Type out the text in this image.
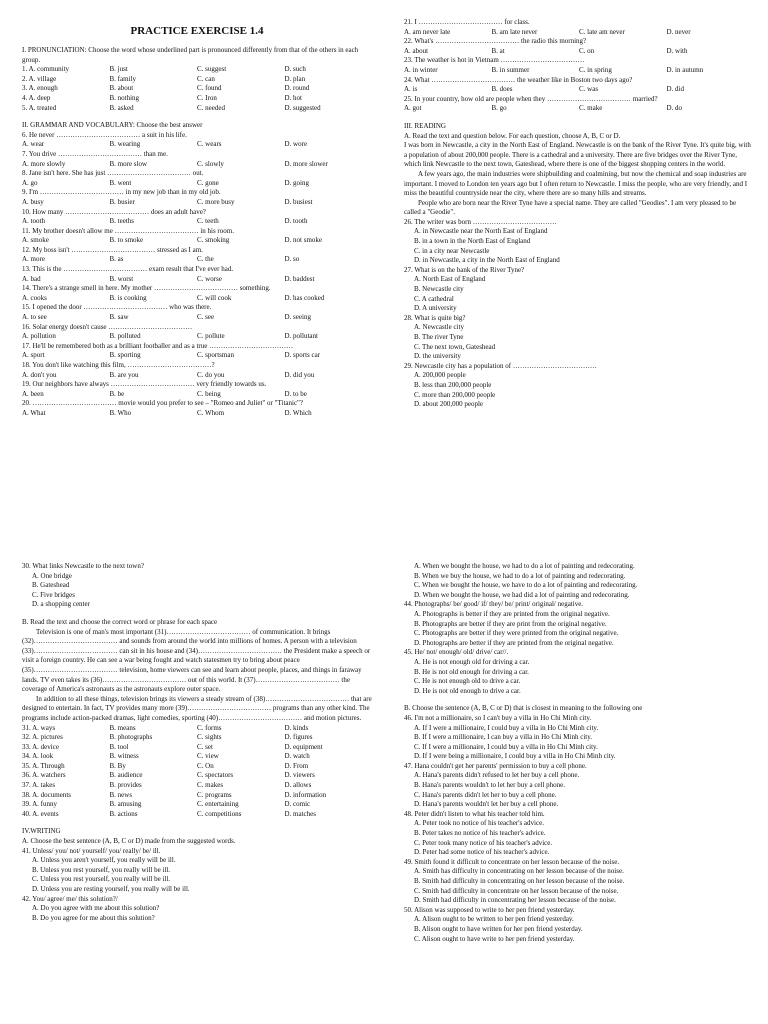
PRACTICE EXERCISE 1.4
I. PRONUNCIATION: Choose the word whose underlined part is pronounced differently from that of the others in each group.
1. A. community	B. just	C. suggest	D. such
2. A. village	B. family	C. can	D. plan
3. A. enough	B. about	C. found	D. round
4. A. deep	B. nothing	C. Iron	D. hot
5. A. treated	B. asked	C. needed	D. suggested
II. GRAMMAR AND VOCABULARY: Choose the best answer
6. He never ……………………………… a suit in his life.
A. wear	B. wearing	C. wears	D. wore
7. You drive ……………………………… than me.
A. more slowly	B. more slow	C. slowly	D. more slower
8. Jane isn't here. She has just ……………………………… out.
A. go	B. went	C. gone	D. going
9. I'm ……………………………… in my new job than in my old job.
A. busy	B. busier	C. more busy	D. busiest
10. How many ……………………………… does an adult have?
A. tooth	B. teeths	C. teeth	D. tooth
11. My brother doesn't allow me ……………………………… in his room.
A. smoke	B. to smoke	C. smoking	D. not smoke
12. My boss isn't ……………………………… stressed as I am.
A. more	B. as	C. the	D. so
13. This is the ……………………………… exam result that I've ever had.
A. bad	B. worst	C. worse	D. baddest
14. There's a strange smell in here. My mother ……………………………… something.
A. cooks	B. is cooking	C. will cook	D. has cooked
15. I opened the door ……………………………… who was there.
A. to see	B. saw	C. see	D. seeing
16. Solar energy doesn't cause ………………………………
A. pollution	B. polluted	C. pollute	D. pollutant
17. He'll be remembered both as a brilliant footballer and as a true ………………………………
A. sport	B. sporting	C. sportsman	D. sports car
18. You don't like watching this film, ………………………………?
A. don't you	B. are you	C. do you	D. did you
19. Our neighbors have always ……………………………… very friendly towards us.
A. been	B. be	C. being	D. to be
20. ……………………………… movie would you prefer to see – "Romeo and Juliet" or "Titanic"?
A. What	B. Who	C. Whom	D. Which
21. I ……………………………… for class.
A. am never late	B. am late never	C. late am never	D. never
22. What's ……………………………… the radio this morning?
A. about	B. at	C. on	D. with
23. The weather is hot in Vietnam ………………………………
A. in winter	B. in summer	C. in spring	D. in autumn
24. What ……………………………… the weather like in Boston two days ago?
A. is	B. does	C. was	D. did
25. In your country, how old are people when they ……………………………… married?
A. got	B. go	C. make	D. do
III. READING
A. Read the text and question below. For each question, choose A, B, C or D.
I was born in Newcastle, a city in the North East of England. Newcastle is on the bank of the River Tyne. It's quite big, with a population of about 200,000 people. There is a cathedral and a university. There are five bridges over the River Tyne, which link Newcastle to the next town, Gateshead, where there is one of the biggest shopping centers in the world.
A few years ago, the main industries were shipbuilding and coalmining, but now the chemical and soap industries are important. I moved to London ten years ago but I often return to Newcastle. I miss the people, who are very friendly, and I miss the beautiful countryside near the city, where there are so many hills and streams.
People who are born near the River Tyne have a special name. They are called "Geodies". I am very pleased to be called a "Geodie".
26. The writer was born ………………………………
A. in Newcastle near the North East of England
B. in a town in the North East of England
C. in a city near Newcastle
D. in Newcastle, a city in the North East of England
27. What is on the bank of the River Tyne?
A. North East of England
B. Newcastle city
C. A cathedral
D. A university
28. What is quite big?
A. Newcastle city
B. The river Tyne
C. The next town, Gateshead
D. the university
29. Newcastle city has a population of ………………………………
A. 200,000 people
B. less than 200,000 people
C. more than 200,000 people
D. about 200,000 people
30. What links Newcastle to the next town?
A. One bridge
B. Gateshead
C. Five bridges
D. a shopping center
B. Read the text and choose the correct word or phrase for each space
Television is one of man's most important (31)……………………………… of communication. It brings (32)……………………………… and sounds from around the world into millions of homes. A person with a television (33)……………………………… can sit in his house and (34)……………………………… the President make a speech or visit a foreign country. He can see a war being fought and watch statesmen try to bring about peace (35)……………………………… television, home viewers can see and learn about people, places, and things in faraway lands. TV even takes its (36)……………………………… out of this world. It (37)……………………………… the coverage of America's astronauts as the astronauts explore outer space.
In addition to all these things, television brings its viewers a steady stream of (38)……………………………… that are designed to entertain. In fact, TV provides many more (39)……………………………… programs than any other kind. The programs include action-packed dramas, light comedies, sporting (40)……………………………… and motion pictures.
31. A. ways	B. means	C. forms	D. kinds
32. A. pictures	B. photographs	C. sights	D. figures
33. A. device	B. tool	C. set	D. equipment
34. A. look	B. witness	C. view	D. watch
35. A. Through	B. By	C. On	D. From
36. A. watchers	B. audience	C. spectators	D. viewers
37. A. takes	B. provides	C. makes	D. allows
38. A. documents	B. news	C. programs	D. information
39. A. funny	B. amusing	C. entertaining	D. comic
40. A. events	B. actions	C. competitions	D. matches
IV.WRITING
A. Choose the best sentence (A, B, C or D) made from the suggested words.
41. Unless/ you/ not/ yourself/ you/ really/ be/ ill.
A. Unless you aren't yourself, you really will be ill.
B. Unless you rest yourself, you really will be ill.
C. Unless you rest yourself, you really will be ill.
D. Unless you are resting yourself, you really will be ill.
42. You/ agree/ me/ this solution?/
A. Do you agree with me about this solution?
B. Do you agree for me about this solution?
A. When we bought the house, we had to do a lot of painting and redecorating.
B. When we buy the house, we had to do a lot of painting and redecorating.
C. When we bought the house, we have to do a lot of painting and redecorating.
D. When we bought the house, we had did a lot of painting and redecorating.
44. Photographs/ be/ good/ if/ they/ be/ print/ original/ negative.
A. Photographs is better if they are printed from the original negative.
B. Photographs are better if they are print from the original negative.
C. Photographs are better if they were printed from the original negative.
D. Photographs are better if they are printed from the original negative.
45. He/ not/ enough/ old/ drive/ car//.
A. He is not enough old for driving a car.
B. He is not old enough for driving a car.
C. He is not enough old to drive a car.
D. He is not old enough to drive a car.
B. Choose the sentence (A, B, C or D) that is closest in meaning to the following one
46. I'm not a millionaire, so I can't buy a villa in Ho Chi Minh city.
A. If I were a millionaire, I could buy a villa in Ho Chi Minh city.
B. If I were a millionaire, I can buy a villa in Ho Chi Minh city.
C. If I were a millionaire, I could buy a villa in Ho Chi Minh city.
D. If I were being a millionaire, I could buy a villa in Ho Chi Minh city.
47. Hana couldn't get her parents' permission to buy a cell phone.
A. Hana's parents didn't refused to let her buy a cell phone.
B. Hana's parents wouldn't to let her buy a cell phone.
C. Hana's parents didn't let her to buy a cell phone.
D. Hana's parents wouldn't let her buy a cell phone.
48. Peter didn't listen to what his teacher told him.
A. Peter took no notice of his teacher's advice.
B. Peter takes no notice of his teacher's advice.
C. Peter took many notice of his teacher's advice.
D. Peter had some notice of his teacher's advice.
49. Smith found it difficult to concentrate on her lesson because of the noise.
A. Smith has difficulty in concentrating on her lesson because of the noise.
B. Smith had difficulty in concentrating on her lesson because of the noise.
C. Smith had difficulty in concentrate on her lesson because of the noise.
D. Smith had difficulty in concentrating her lesson because of the noise.
50. Alison was supposed to write to her pen friend yesterday.
A. Alison ought to be written to her pen friend yesterday.
B. Alison ought to have written for her pen friend yesterday.
C. Alison ought to have write to her pen friend yesterday.
